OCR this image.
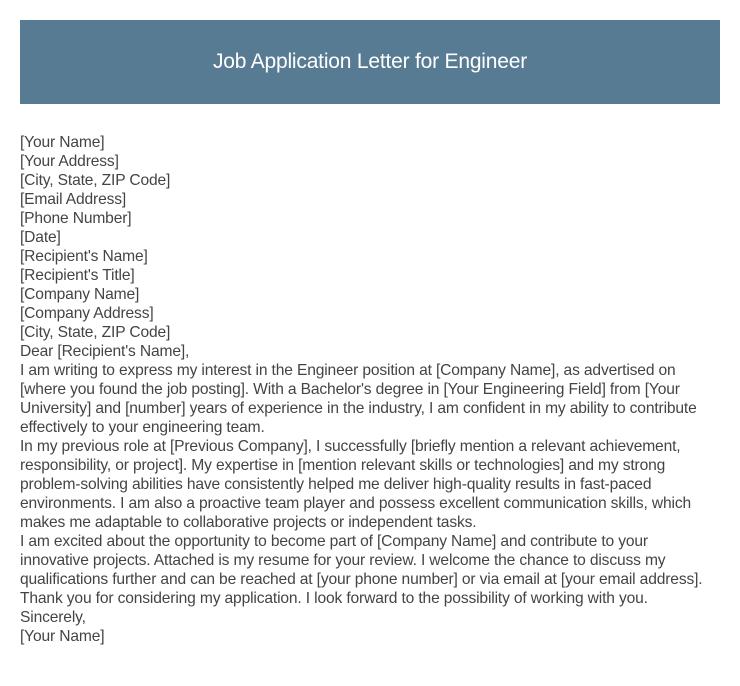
Job Application Letter for Engineer
[Your Name]
[Your Address]
[City, State, ZIP Code]
[Email Address]
[Phone Number]
[Date]
[Recipient's Name]
[Recipient's Title]
[Company Name]
[Company Address]
[City, State, ZIP Code]
Dear [Recipient's Name],
I am writing to express my interest in the Engineer position at [Company Name], as advertised on [where you found the job posting]. With a Bachelor's degree in [Your Engineering Field] from [Your University] and [number] years of experience in the industry, I am confident in my ability to contribute effectively to your engineering team.
In my previous role at [Previous Company], I successfully [briefly mention a relevant achievement, responsibility, or project]. My expertise in [mention relevant skills or technologies] and my strong problem-solving abilities have consistently helped me deliver high-quality results in fast-paced environments. I am also a proactive team player and possess excellent communication skills, which makes me adaptable to collaborative projects or independent tasks.
I am excited about the opportunity to become part of [Company Name] and contribute to your innovative projects. Attached is my resume for your review. I welcome the chance to discuss my qualifications further and can be reached at [your phone number] or via email at [your email address].
Thank you for considering my application. I look forward to the possibility of working with you.
Sincerely,
[Your Name]
